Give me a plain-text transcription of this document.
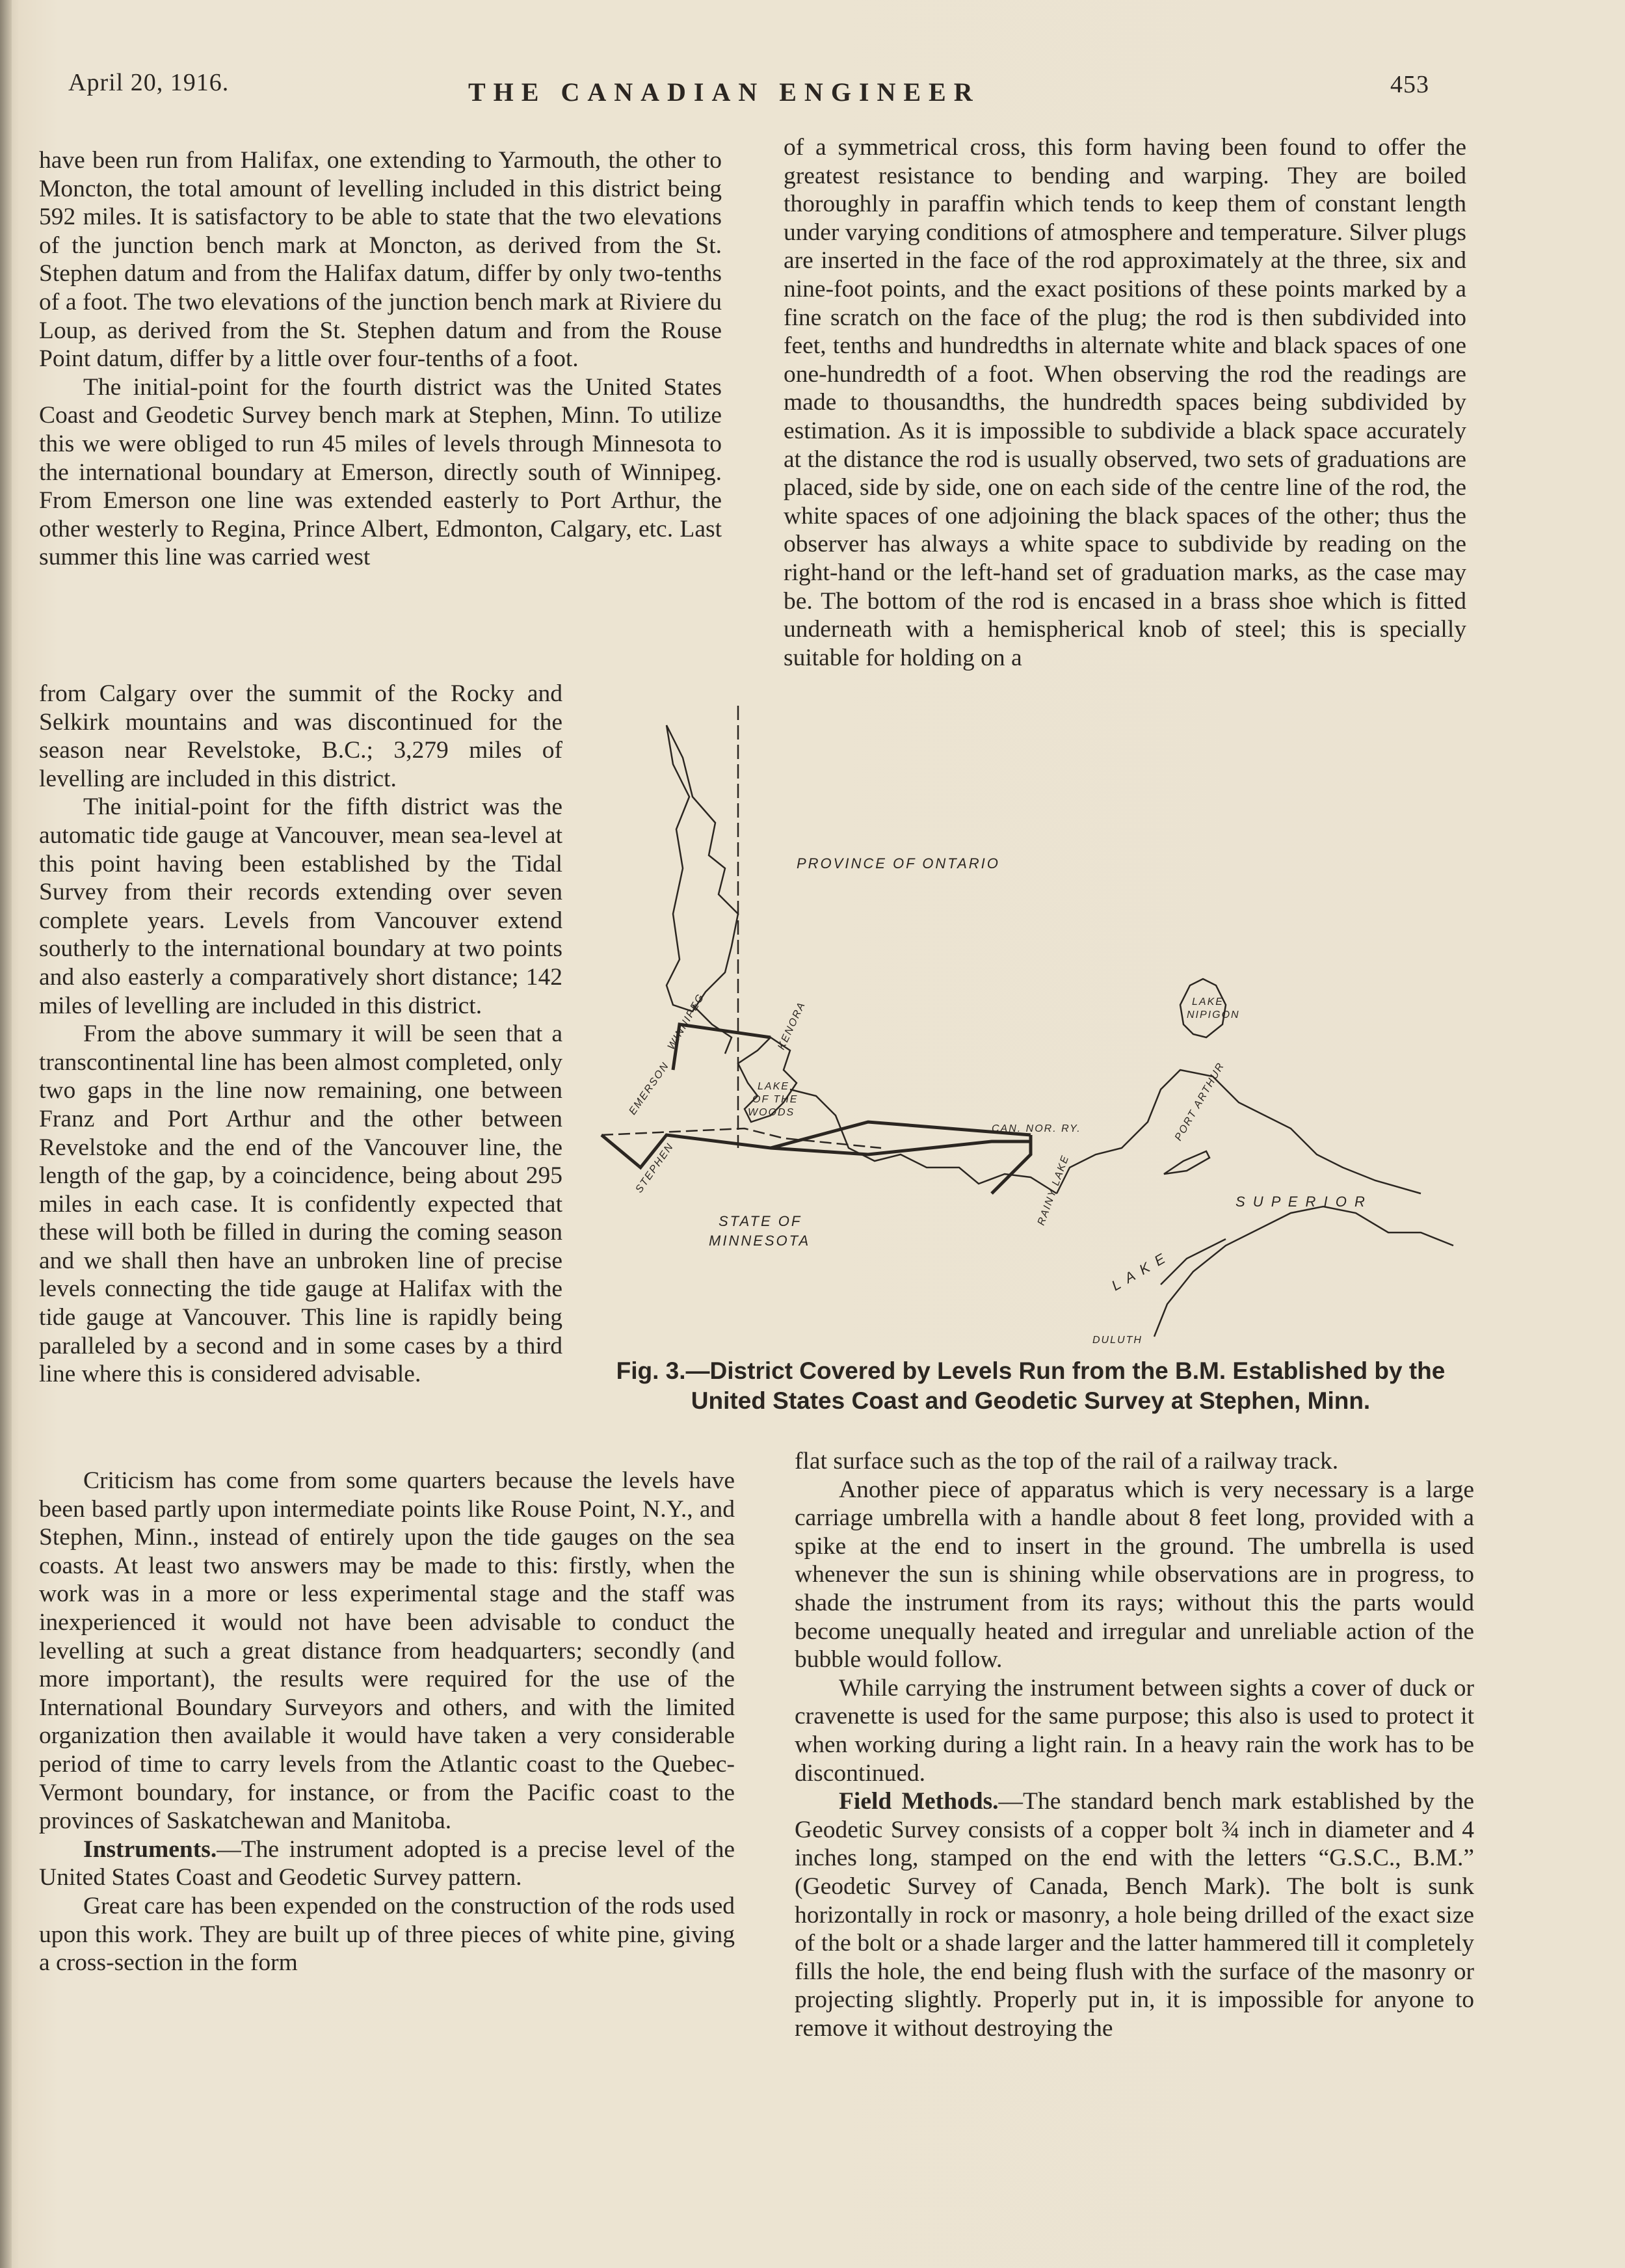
April 20, 1916.	THE CANADIAN ENGINEER	453

have been run from Halifax, one extending to Yarmouth, the other to Moncton, the total amount of levelling included in this district being 592 miles. It is satisfactory to be able to state that the two elevations of the junction bench mark at Moncton, as derived from the St. Stephen datum and from the Halifax datum, differ by only two-tenths of a foot. The two elevations of the junction bench mark at Riviere du Loup, as derived from the St. Stephen datum and from the Rouse Point datum, differ by a little over four-tenths of a foot.

The initial-point for the fourth district was the United States Coast and Geodetic Survey bench mark at Stephen, Minn. To utilize this we were obliged to run 45 miles of levels through Minnesota to the international boundary at Emerson, directly south of Winnipeg. From Emerson one line was extended easterly to Port Arthur, the other westerly to Regina, Prince Albert, Edmonton, Calgary, etc. Last summer this line was carried west

from Calgary over the summit of the Rocky and Selkirk mountains and was discontinued for the season near Revelstoke, B.C.; 3,279 miles of levelling are included in this district.

The initial-point for the fifth district was the automatic tide gauge at Vancouver, mean sea-level at this point having been established by the Tidal Survey from their records extending over seven complete years. Levels from Vancouver extend southerly to the international boundary at two points and also easterly a comparatively short distance; 142 miles of levelling are included in this district.

From the above summary it will be seen that a transcontinental line has been almost completed, only two gaps in the line now remaining, one between Franz and Port Arthur and the other between Revelstoke and the end of the Vancouver line, the length of the gap, by a coincidence, being about 295 miles in each case. It is confidently expected that these will both be filled in during the coming season and we shall then have an unbroken line of precise levels connecting the tide gauge at Halifax with the tide gauge at Vancouver. This line is rapidly being paralleled by a second and in some cases by a third line where this is considered advisable.

Criticism has come from some quarters because the levels have been based partly upon intermediate points like Rouse Point, N.Y., and Stephen, Minn., instead of entirely upon the tide gauges on the sea coasts. At least two answers may be made to this: firstly, when the work was in a more or less experimental stage and the staff was inexperienced it would not have been advisable to conduct the levelling at such a great distance from headquarters; secondly (and more important), the results were required for the use of the International Boundary Surveyors and others, and with the limited organization then available it would have taken a very considerable period of time to carry levels from the Atlantic coast to the Quebec-Vermont boundary, for instance, or from the Pacific coast to the provinces of Saskatchewan and Manitoba.

Instruments.—The instrument adopted is a precise level of the United States Coast and Geodetic Survey pattern.

Great care has been expended on the construction of the rods used upon this work. They are built up of three pieces of white pine, giving a cross-section in the form

of a symmetrical cross, this form having been found to offer the greatest resistance to bending and warping. They are boiled thoroughly in paraffin which tends to keep them of constant length under varying conditions of atmosphere and temperature. Silver plugs are inserted in the face of the rod approximately at the three, six and nine-foot points, and the exact positions of these points marked by a fine scratch on the face of the plug; the rod is then subdivided into feet, tenths and hundredths in alternate white and black spaces of one one-hundredth of a foot. When observing the rod the readings are made to thousandths, the hundredth spaces being subdivided by estimation. As it is impossible to subdivide a black space accurately at the distance the rod is usually observed, two sets of graduations are placed, side by side, one on each side of the centre line of the rod, the white spaces of one adjoining the black spaces of the other; thus the observer has always a white space to subdivide by reading on the right-hand or the left-hand set of graduation marks, as the case may be. The bottom of the rod is encased in a brass shoe which is fitted underneath with a hemispherical knob of steel; this is specially suitable for holding on a

PROVINCE OF ONTARIO
STATE OF
MINNESOTA
WINNIPEG
EMERSON
STEPHEN
KENORA
LAKE
OF THE
WOODS
CAN. NOR. RY.	PORT ARTHUR
LAKE
NIPIGON
S U P E R I O R
L A K E
DULUTH
RAINY LAKE
Fig. 3.—District Covered by Levels Run from the B.M. Established by the United States Coast and Geodetic Survey at Stephen, Minn.

flat surface such as the top of the rail of a railway track.

Another piece of apparatus which is very necessary is a large carriage umbrella with a handle about 8 feet long, provided with a spike at the end to insert in the ground. The umbrella is used whenever the sun is shining while observations are in progress, to shade the instrument from its rays; without this the parts would become unequally heated and irregular and unreliable action of the bubble would follow.

While carrying the instrument between sights a cover of duck or cravenette is used for the same purpose; this also is used to protect it when working during a light rain. In a heavy rain the work has to be discontinued.

Field Methods.—The standard bench mark established by the Geodetic Survey consists of a copper bolt ¾ inch in diameter and 4 inches long, stamped on the end with the letters “G.S.C., B.M.” (Geodetic Survey of Canada, Bench Mark). The bolt is sunk horizontally in rock or masonry, a hole being drilled of the exact size of the bolt or a shade larger and the latter hammered till it completely fills the hole, the end being flush with the surface of the masonry or projecting slightly. Properly put in, it is impossible for anyone to remove it without destroying the
